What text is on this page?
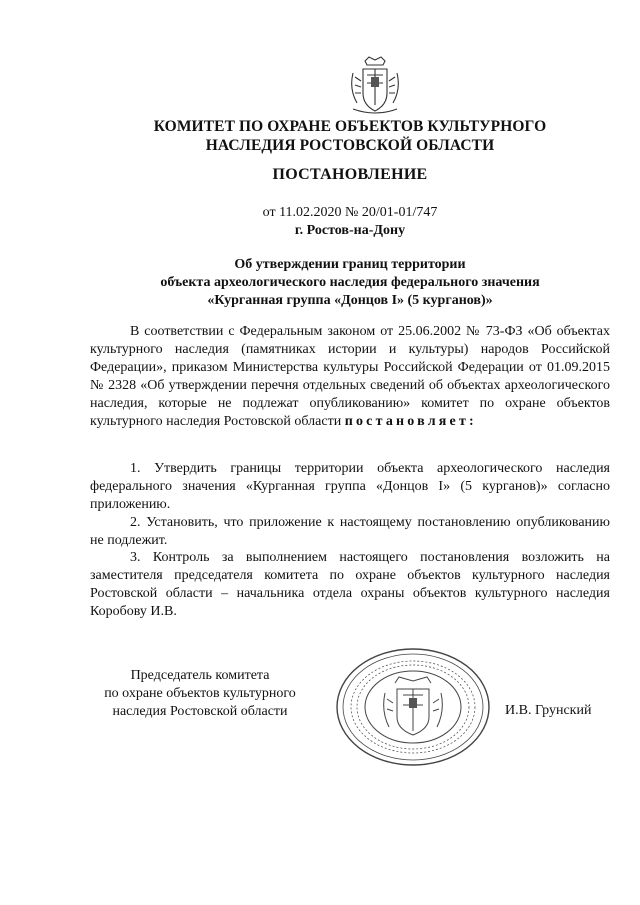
КОМИТЕТ ПО ОХРАНЕ ОБЪЕКТОВ КУЛЬТУРНОГО
НАСЛЕДИЯ РОСТОВСКОЙ ОБЛАСТИ
ПОСТАНОВЛЕНИЕ
от 11.02.2020 № 20/01-01/747
г. Ростов-на-Дону
Об утверждении границ территории
объекта археологического наследия федерального значения
«Курганная группа «Донцов I» (5 курганов)»
В соответствии с Федеральным законом от 25.06.2002 № 73-ФЗ «Об объектах культурного наследия (памятниках истории и культуры) народов Российской Федерации», приказом Министерства культуры Российской Федерации от 01.09.2015 № 2328 «Об утверждении перечня отдельных сведений об объектах археологического наследия, которые не подлежат опубликованию» комитет по охране объектов культурного наследия Ростовской области постановляет:
1. Утвердить границы территории объекта археологического наследия федерального значения «Курганная группа «Донцов I» (5 курганов)» согласно приложению.
2. Установить, что приложение к настоящему постановлению опубликованию не подлежит.
3. Контроль за выполнением настоящего постановления возложить на заместителя председателя комитета по охране объектов культурного наследия Ростовской области – начальника отдела охраны объектов культурного наследия Коробову И.В.
Председатель комитета
по охране объектов культурного
наследия Ростовской области	И.В. Грунский
